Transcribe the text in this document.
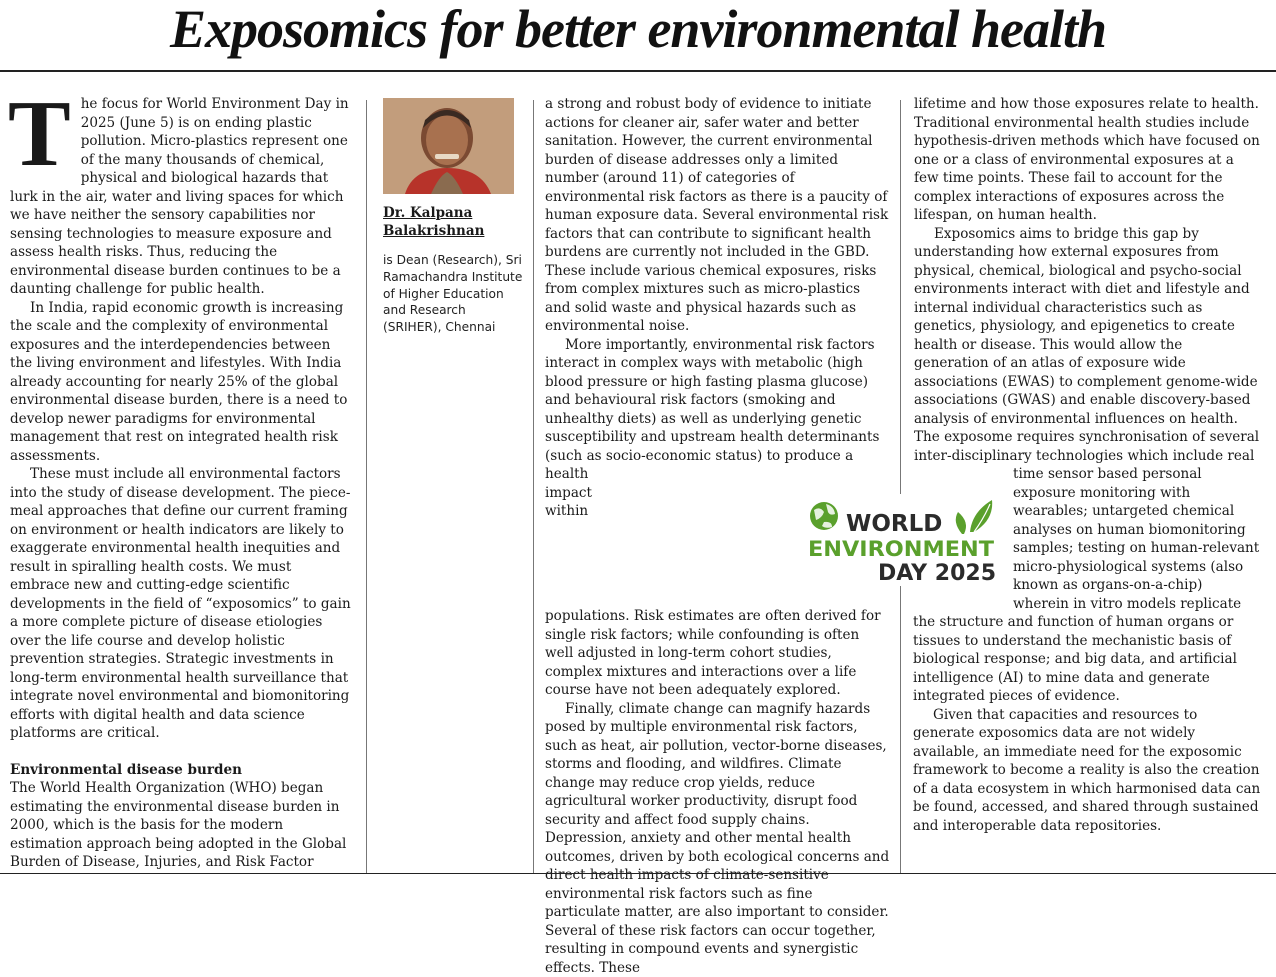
Exposomics for better environmental health
T he focus for World Environment Day in 2025 (June 5) is on ending plastic pollution. Micro-plastics represent one of the many thousands of chemical, physical and biological hazards that lurk in the air, water and living spaces for which we have neither the sensory capabilities nor sensing technologies to measure exposure and assess health risks. Thus, reducing the environmental disease burden continues to be a daunting challenge for public health.

In India, rapid economic growth is increasing the scale and the complexity of environmental exposures and the interdependencies between the living environment and lifestyles. With India already accounting for nearly 25% of the global environmental disease burden, there is a need to develop newer paradigms for environmental management that rest on integrated health risk assessments.

These must include all environmental factors into the study of disease development. The piece-meal approaches that define our current framing on environment or health indicators are likely to exaggerate environmental health inequities and result in spiralling health costs. We must embrace new and cutting-edge scientific developments in the field of “exposomics” to gain a more complete picture of disease etiologies over the life course and develop holistic prevention strategies. Strategic investments in long-term environmental health surveillance that integrate novel environmental and biomonitoring efforts with digital health and data science platforms are critical.

Environmental disease burden

The World Health Organization (WHO) began estimating the environmental disease burden in 2000, which is the basis for the modern estimation approach being adopted in the Global Burden of Disease, Injuries, and Risk Factor

Dr. Kalpana Balakrishnan
is Dean (Research), Sri Ramachandra Institute of Higher Education and Research (SRIHER), Chennai

a strong and robust body of evidence to initiate actions for cleaner air, safer water and better sanitation. However, the current environmental burden of disease addresses only a limited number (around 11) of categories of environmental risk factors as there is a paucity of human exposure data. Several environmental risk factors that can contribute to significant health burdens are currently not included in the GBD. These include various chemical exposures, risks from complex mixtures such as micro-plastics and solid waste and physical hazards such as environmental noise.

More importantly, environmental risk factors interact in complex ways with metabolic (high blood pressure or high fasting plasma glucose) and behavioural risk factors (smoking and unhealthy diets) as well as underlying genetic susceptibility and upstream health determinants (such as socio-economic status) to produce a health impact within populations. Risk estimates are often derived for single risk factors; while confounding is often well adjusted in long-term cohort studies, complex mixtures and interactions over a life course have not been adequately explored.

Finally, climate change can magnify hazards posed by multiple environmental risk factors, such as heat, air pollution, vector-borne diseases, storms and flooding, and wildfires. Climate change may reduce crop yields, reduce agricultural worker productivity, disrupt food security and affect food supply chains. Depression, anxiety and other mental health outcomes, driven by both ecological concerns and direct health impacts of climate-sensitive environmental risk factors such as fine particulate matter, are also important to consider. Several of these risk factors can occur together, resulting in compound events and synergistic effects. These

lifetime and how those exposures relate to health. Traditional environmental health studies include hypothesis-driven methods which have focused on one or a class of environmental exposures at a few time points. These fail to account for the complex interactions of exposures across the lifespan, on human health.

Exposomics aims to bridge this gap by understanding how external exposures from physical, chemical, biological and psycho-social environments interact with diet and lifestyle and internal individual characteristics such as genetics, physiology, and epigenetics to create health or disease. This would allow the generation of an atlas of exposure wide associations (EWAS) to complement genome-wide associations (GWAS) and enable discovery-based analysis of environmental influences on health. The exposome requires synchronisation of several inter-disciplinary technologies which include real time sensor based personal exposure monitoring with wearables; untargeted chemical analyses on human biomonitoring samples; testing on human-relevant micro-physiological systems (also known as organs-on-a-chip) wherein in vitro models replicate the structure and function of human organs or tissues to understand the mechanistic basis of biological response; and big data, and artificial intelligence (AI) to mine data and generate integrated pieces of evidence.

Given that capacities and resources to generate exposomics data are not widely available, an immediate need for the exposomic framework to become a reality is also the creation of a data ecosystem in which harmonised data can be found, accessed, and shared through sustained and interoperable data repositories.

WORLD
ENVIRONMENT
DAY 2025
